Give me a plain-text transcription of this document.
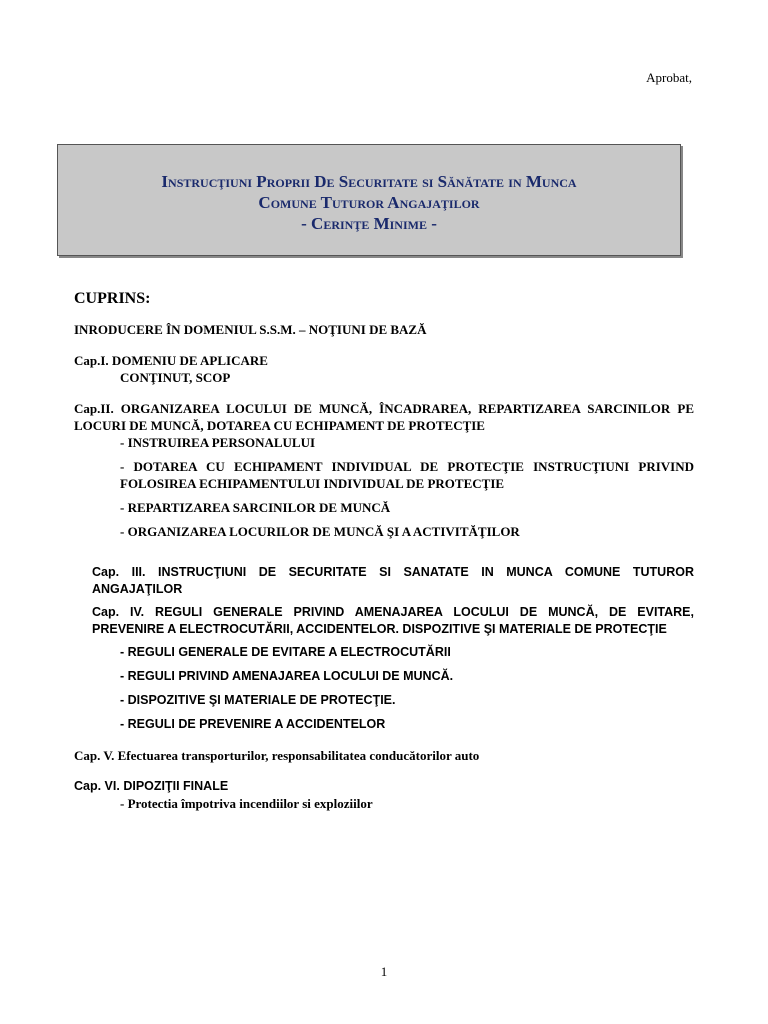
Aprobat,
Instrucţiuni Proprii De Securitate si Sănătate in Munca
Comune Tuturor Angajaţilor
- Cerinţe Minime -
CUPRINS:
INRODUCERE ÎN DOMENIUL S.S.M. – NOŢIUNI DE BAZĂ
Cap.I. DOMENIU DE APLICARE
CONŢINUT, SCOP
Cap.II. ORGANIZAREA LOCULUI DE MUNCĂ, ÎNCADRAREA, REPARTIZAREA SARCINILOR PE LOCURI DE MUNCĂ, DOTAREA CU ECHIPAMENT DE PROTECŢIE
- INSTRUIREA PERSONALULUI
- DOTAREA CU ECHIPAMENT INDIVIDUAL DE PROTECŢIE INSTRUCŢIUNI PRIVIND FOLOSIREA ECHIPAMENTULUI INDIVIDUAL DE PROTECŢIE
- REPARTIZAREA SARCINILOR DE MUNCĂ
- ORGANIZAREA LOCURILOR DE MUNCĂ ŞI A ACTIVITĂŢILOR
Cap. III. INSTRUCŢIUNI DE SECURITATE SI SANATATE IN MUNCA COMUNE TUTUROR ANGAJAŢILOR
Cap. IV. REGULI GENERALE PRIVIND AMENAJAREA LOCULUI DE MUNCĂ, DE EVITARE, PREVENIRE A ELECTROCUTĂRII, ACCIDENTELOR. DISPOZITIVE ŞI MATERIALE DE PROTECŢIE
- REGULI GENERALE DE EVITARE A ELECTROCUTĂRII
- REGULI PRIVIND AMENAJAREA LOCULUI DE MUNCĂ.
- DISPOZITIVE ŞI MATERIALE DE PROTECŢIE.
- REGULI DE PREVENIRE A ACCIDENTELOR
Cap. V. Efectuarea transporturilor, responsabilitatea conducătorilor auto
Cap. VI. DIPOZIŢII FINALE
- Protectia împotriva incendiilor si exploziilor
1
